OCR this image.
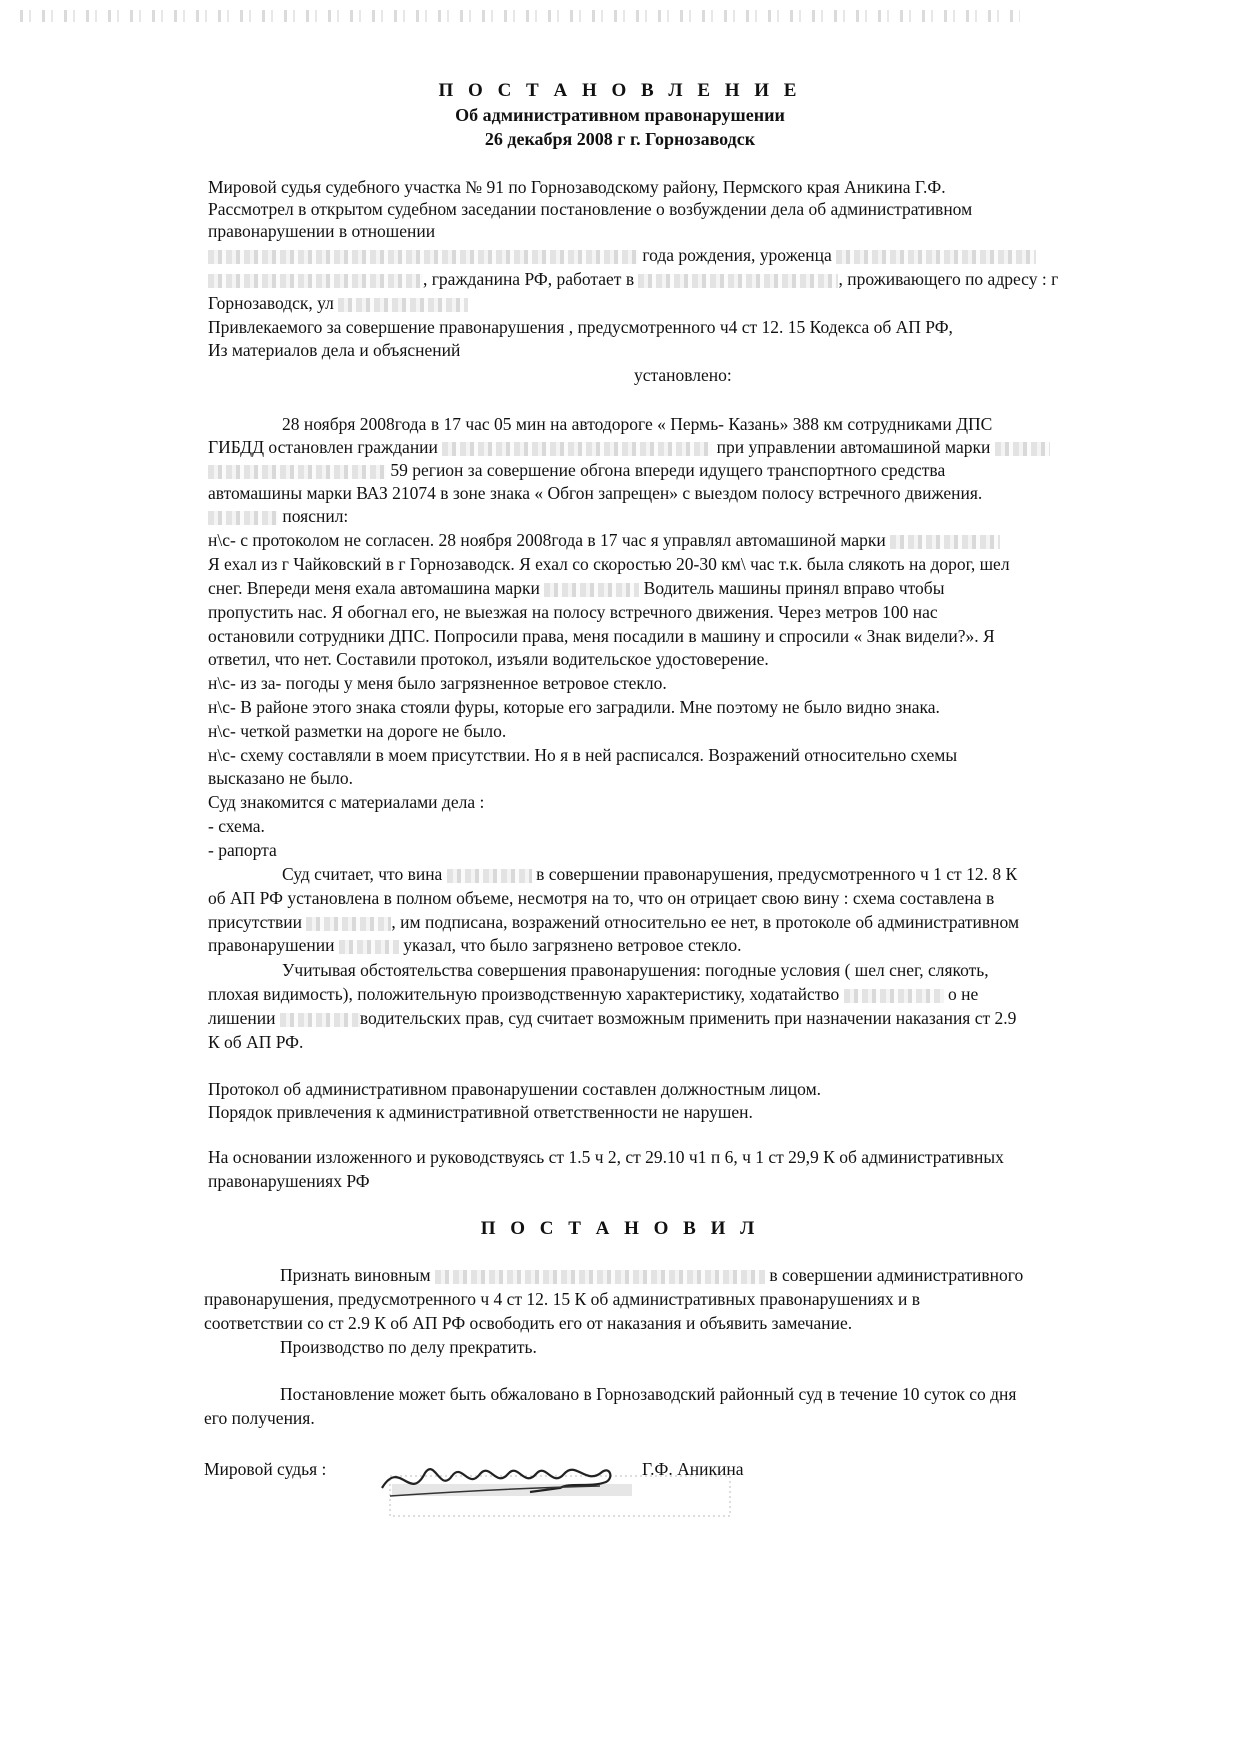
П О С Т А Н О В Л Е Н И Е
Об административном правонарушении
26 декабря 2008 г г. Горнозаводск
Мировой судья судебного участка № 91 по Горнозаводскому району, Пермского края Аникина Г.Ф.
Рассмотрел в открытом судебном заседании постановление о возбуждении дела об административном
правонарушении в отношении
года рождения, уроженца
, гражданина РФ, работает в	, проживающего по адресу : г
Горнозаводск, ул
Привлекаемого за совершение правонарушения , предусмотренного ч4 ст 12. 15 Кодекса об АП РФ,
Из материалов дела и объяснений
установлено:
28 ноября 2008года в 17 час 05 мин на автодороге « Пермь- Казань» 388 км сотрудниками ДПС
ГИБДД остановлен граждании	при управлении автомашиной марки
59 регион за совершение обгона впереди идущего транспортного средства
автомашины марки ВАЗ 21074 в зоне знака « Обгон запрещен» с выездом полосу встречного движения.
пояснил:
н\с- с протоколом не согласен. 28 ноября 2008года в 17 час я управлял автомашиной марки
Я ехал из г Чайковский в г Горнозаводск. Я ехал со скоростью 20-30 км\ час т.к. была слякоть на дорог, шел
снег. Впереди меня ехала автомашина марки	Водитель машины принял вправо чтобы
пропустить нас. Я обогнал его, не выезжая на полосу встречного движения. Через метров 100 нас
остановили сотрудники ДПС. Попросили права, меня посадили в машину и спросили « Знак видели?». Я
ответил, что нет. Составили протокол, изъяли водительское удостоверение.
н\с- из за- погоды у меня было загрязненное ветровое стекло.
н\с- В районе этого знака стояли фуры, которые его заградили. Мне поэтому не было видно знака.
н\с- четкой разметки на дороге не было.
н\с- схему составляли в моем присутствии. Но я в ней расписался. Возражений относительно схемы
высказано не было.
Суд знакомится с материалами дела :
- схема.
- рапорта
Суд считает, что вина	в совершении правонарушения, предусмотренного ч 1 ст 12. 8 К
об АП РФ установлена в полном объеме, несмотря на то, что он отрицает свою вину : схема составлена в
присутствии	, им подписана, возражений относительно ее нет, в протоколе об административном
правонарушении	указал, что было загрязнено ветровое стекло.
Учитывая обстоятельства совершения правонарушения: погодные условия ( шел снег, слякоть,
плохая видимость), положительную производственную характеристику, ходатайство	о не
лишении	водительских прав, суд считает возможным применить при назначении наказания ст 2.9
К об АП РФ.
Протокол об административном правонарушении составлен должностным лицом.
Порядок привлечения к административной ответственности не нарушен.
На основании изложенного и руководствуясь ст 1.5 ч 2, ст 29.10 ч1 п 6, ч 1 ст 29,9 К об административных
правонарушениях РФ
П О С Т А Н О В И Л
Признать виновным	в совершении административного
правонарушения, предусмотренного ч 4 ст 12. 15 К об административных правонарушениях и в
соответствии со ст 2.9 К об АП РФ освободить его от наказания и объявить замечание.
Производство по делу прекратить.
Постановление может быть обжаловано в Горнозаводский районный суд в течение 10 суток со дня
его получения.
Мировой судья :	Г.Ф. Аникина
